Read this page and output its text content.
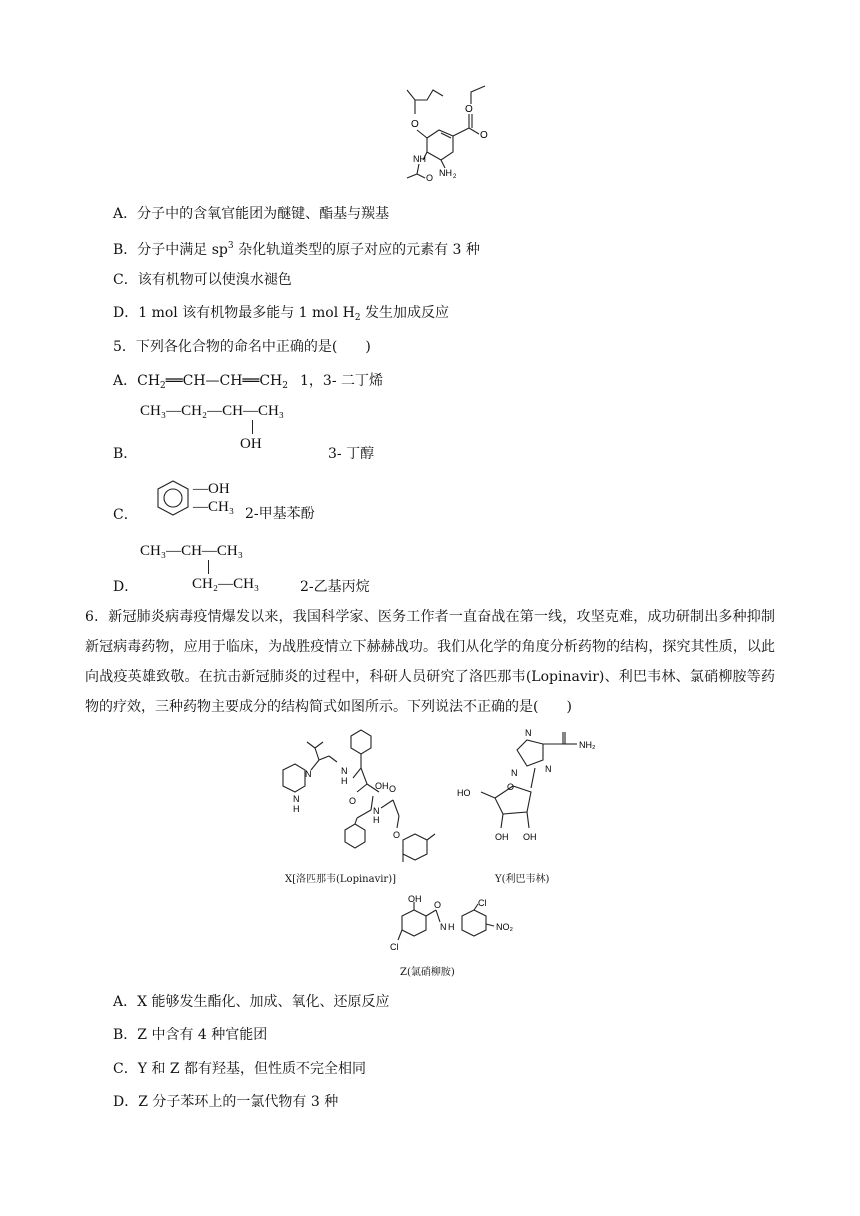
O
O
O
NH
O NH 2
A．分子中的含氧官能团为醚键、酯基与羰基
B．分子中满足 $sp^3$ 杂化轨道类型的原子对应的元素有 3 种
C．该有机物可以使溴水褪色
D．1 mol 该有机物最多能与 1 mol $H_2$ 发生加成反应
5．下列各化合物的命名中正确的是(　　)
A．$CH_2══CH—CH══CH_2$ 1，3- 二丁烯
CH₃—CH₂—CH—CH₃
OH
B．	3- 丁醇
—OH
—CH₃
C．	2-甲基苯酚
CH₃—CH—CH₃
CH₂—CH₃
D．	2-乙基丙烷
6．新冠肺炎病毒疫情爆发以来，我国科学家、医务工作者一直奋战在第一线，攻坚克难，成功研制出多种抑制新冠病毒药物，应用于临床，为战胜疫情立下赫赫战功。我们从化学的角度分析药物的结构，探究其性质，以此向战疫英雄致敬。在抗击新冠肺炎的过程中，科研人员研究了洛匹那韦(Lopinavir)、利巴韦林、氯硝柳胺等药物的疗效，三种药物主要成分的结构简式如图所示。下列说法不正确的是(　　)
N
H
O
OH
N
H
O
O
N
N
H
X[洛匹那韦(Lopinavir)]
N
N	N
NH₂
O
HO
OH OH
Y(利巴韦林)
OH
Cl
O
N H
Cl
NO₂
Z(氯硝柳胺)
A．X 能够发生酯化、加成、氧化、还原反应
B．Z 中含有 4 种官能团
C．Y 和 Z 都有羟基，但性质不完全相同
D．Z 分子苯环上的一氯代物有 3 种
